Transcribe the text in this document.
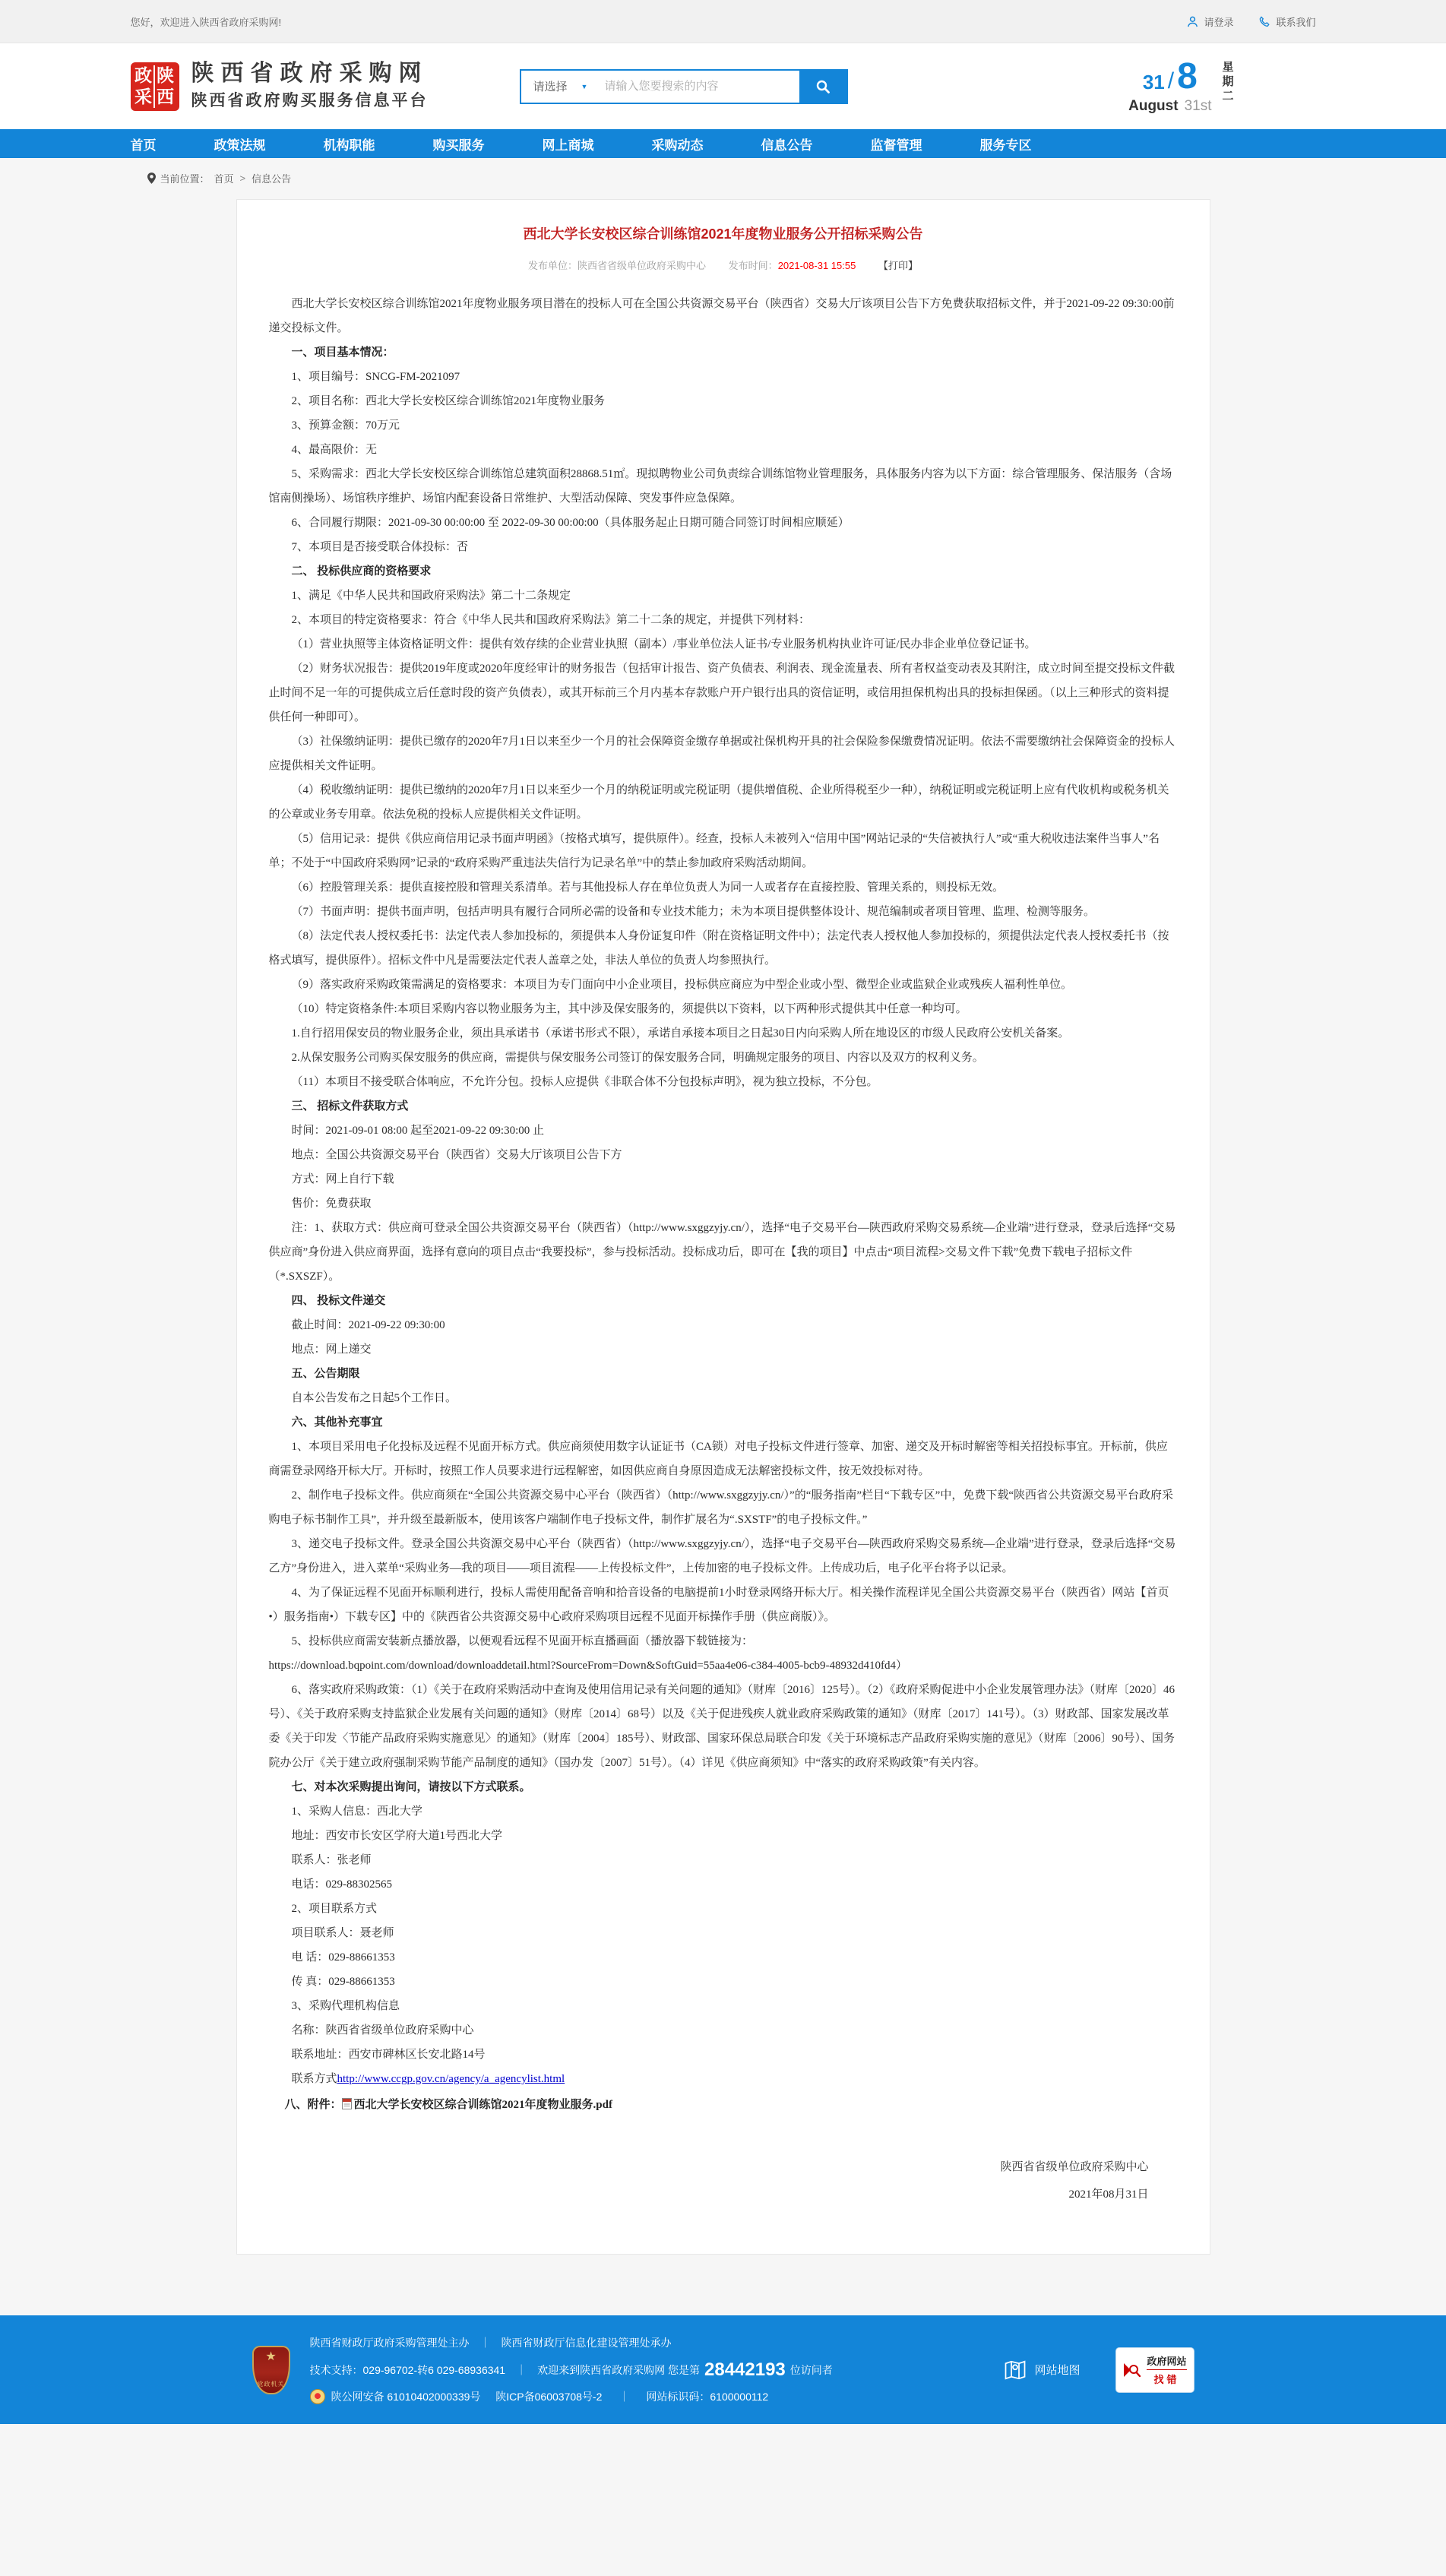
您好，欢迎进入陕西省政府采购网!	请登录	联系我们
政 陕
采 西
陕西省政府采购网
陕西省政府购买服务信息平台
请选择 ▼
请输入您要搜索的内容	31 / 8
August 31st
星
期
二
首页	政策法规	机构职能	购买服务	网上商城	采购动态	信息公告	监督管理	服务专区
当前位置： 首页 > 信息公告
西北大学长安校区综合训练馆2021年度物业服务公开招标采购公告
发布单位：陕西省省级单位政府采购中心 发布时间：2021-08-31 15:55 【打印】
西北大学长安校区综合训练馆2021年度物业服务项目潜在的投标人可在全国公共资源交易平台（陕西省）交易大厅该项目公告下方免费获取招标文件，并于2021-09-22 09:30:00前递交投标文件。
一、项目基本情况：
1、项目编号：SNCG-FM-2021097
2、项目名称：西北大学长安校区综合训练馆2021年度物业服务
3、预算金额：70万元
4、最高限价：无
5、采购需求：西北大学长安校区综合训练馆总建筑面积28868.51㎡。现拟聘物业公司负责综合训练馆物业管理服务，具体服务内容为以下方面：综合管理服务、保洁服务（含场馆南侧操场）、场馆秩序维护、场馆内配套设备日常维护、大型活动保障、突发事件应急保障。
6、合同履行期限：2021-09-30 00:00:00 至 2022-09-30 00:00:00（具体服务起止日期可随合同签订时间相应顺延）
7、本项目是否接受联合体投标：否
二、 投标供应商的资格要求
1、满足《中华人民共和国政府采购法》第二十二条规定
2、本项目的特定资格要求：符合《中华人民共和国政府采购法》第二十二条的规定，并提供下列材料：
（1）营业执照等主体资格证明文件：提供有效存续的企业营业执照（副本）/事业单位法人证书/专业服务机构执业许可证/民办非企业单位登记证书。
（2）财务状况报告：提供2019年度或2020年度经审计的财务报告（包括审计报告、资产负债表、利润表、现金流量表、所有者权益变动表及其附注，成立时间至提交投标文件截止时间不足一年的可提供成立后任意时段的资产负债表），或其开标前三个月内基本存款账户开户银行出具的资信证明，或信用担保机构出具的投标担保函。（以上三种形式的资料提供任何一种即可）。
（3）社保缴纳证明：提供已缴存的2020年7月1日以来至少一个月的社会保障资金缴存单据或社保机构开具的社会保险参保缴费情况证明。依法不需要缴纳社会保障资金的投标人应提供相关文件证明。
（4）税收缴纳证明：提供已缴纳的2020年7月1日以来至少一个月的纳税证明或完税证明（提供增值税、企业所得税至少一种），纳税证明或完税证明上应有代收机构或税务机关的公章或业务专用章。依法免税的投标人应提供相关文件证明。
（5）信用记录：提供《供应商信用记录书面声明函》（按格式填写，提供原件）。经查，投标人未被列入“信用中国”网站记录的“失信被执行人”或“重大税收违法案件当事人”名单；不处于“中国政府采购网”记录的“政府采购严重违法失信行为记录名单”中的禁止参加政府采购活动期间。
（6）控股管理关系：提供直接控股和管理关系清单。若与其他投标人存在单位负责人为同一人或者存在直接控股、管理关系的，则投标无效。
（7）书面声明：提供书面声明，包括声明具有履行合同所必需的设备和专业技术能力；未为本项目提供整体设计、规范编制或者项目管理、监理、检测等服务。
（8）法定代表人授权委托书：法定代表人参加投标的，须提供本人身份证复印件（附在资格证明文件中）；法定代表人授权他人参加投标的，须提供法定代表人授权委托书（按格式填写，提供原件）。招标文件中凡是需要法定代表人盖章之处，非法人单位的负责人均参照执行。
（9）落实政府采购政策需满足的资格要求：本项目为专门面向中小企业项目，投标供应商应为中型企业或小型、微型企业或监狱企业或残疾人福利性单位。
（10）特定资格条件:本项目采购内容以物业服务为主，其中涉及保安服务的，须提供以下资料，以下两种形式提供其中任意一种均可。
1.自行招用保安员的物业服务企业，须出具承诺书（承诺书形式不限），承诺自承接本项目之日起30日内向采购人所在地设区的市级人民政府公安机关备案。
2.从保安服务公司购买保安服务的供应商，需提供与保安服务公司签订的保安服务合同，明确规定服务的项目、内容以及双方的权利义务。
（11）本项目不接受联合体响应，不允许分包。投标人应提供《非联合体不分包投标声明》，视为独立投标，不分包。
三、 招标文件获取方式
时间：2021-09-01 08:00 起至2021-09-22 09:30:00 止
地点：全国公共资源交易平台（陕西省）交易大厅该项目公告下方
方式：网上自行下载
售价：免费获取
注：1、获取方式：供应商可登录全国公共资源交易平台（陕西省）（http://www.sxggzyjy.cn/），选择“电子交易平台—陕西政府采购交易系统—企业端”进行登录，登录后选择“交易供应商”身份进入供应商界面，选择有意向的项目点击“我要投标”，参与投标活动。投标成功后，即可在【我的项目】中点击“项目流程>交易文件下载”免费下载电子招标文件（*.SXSZF）。
四、 投标文件递交
截止时间：2021-09-22 09:30:00
地点：网上递交
五、公告期限
自本公告发布之日起5个工作日。
六、其他补充事宜
1、本项目采用电子化投标及远程不见面开标方式。供应商须使用数字认证证书（CA锁）对电子投标文件进行签章、加密、递交及开标时解密等相关招投标事宜。开标前，供应商需登录网络开标大厅。开标时，按照工作人员要求进行远程解密，如因供应商自身原因造成无法解密投标文件，按无效投标对待。
2、制作电子投标文件。供应商须在“全国公共资源交易中心平台（陕西省）（http://www.sxggzyjy.cn/）”的“服务指南”栏目“下载专区”中，免费下载“陕西省公共资源交易平台政府采购电子标书制作工具”，并升级至最新版本，使用该客户端制作电子投标文件，制作扩展名为“.SXSTF”的电子投标文件。”
3、递交电子投标文件。登录全国公共资源交易中心平台（陕西省）（http://www.sxggzyjy.cn/），选择“电子交易平台—陕西政府采购交易系统—企业端”进行登录，登录后选择“交易乙方”身份进入，进入菜单“采购业务—我的项目——项目流程——上传投标文件”，上传加密的电子投标文件。上传成功后，电子化平台将予以记录。
4、为了保证远程不见面开标顺利进行，投标人需使用配备音响和拾音设备的电脑提前1小时登录网络开标大厅。相关操作流程详见全国公共资源交易平台（陕西省）网站【首页•）服务指南•）下载专区】中的《陕西省公共资源交易中心政府采购项目远程不见面开标操作手册（供应商版）》。
5、投标供应商需安装新点播放器，以便观看远程不见面开标直播画面（播放器下载链接为：
https://download.bqpoint.com/download/downloaddetail.html?SourceFrom=Down&SoftGuid=55aa4e06-c384-4005-bcb9-48932d410fd4）
6、落实政府采购政策：（1）《关于在政府采购活动中查询及使用信用记录有关问题的通知》（财库〔2016〕125号）。（2）《政府采购促进中小企业发展管理办法》（财库〔2020〕46号）、《关于政府采购支持监狱企业发展有关问题的通知》（财库〔2014〕68号）以及《关于促进残疾人就业政府采购政策的通知》（财库〔2017〕141号）。（3）财政部、国家发展改革委《关于印发〈节能产品政府采购实施意见〉的通知》（财库〔2004〕185号）、财政部、国家环保总局联合印发《关于环境标志产品政府采购实施的意见》（财库〔2006〕90号）、国务院办公厅《关于建立政府强制采购节能产品制度的通知》（国办发〔2007〕51号）。（4）详见《供应商须知》中“落实的政府采购政策”有关内容。
七、对本次采购提出询问，请按以下方式联系。
1、采购人信息：西北大学
地址：西安市长安区学府大道1号西北大学
联系人：张老师
电话：029-88302565
2、项目联系方式
项目联系人：聂老师
电 话：029-88661353
传 真：029-88661353
3、采购代理机构信息
名称：陕西省省级单位政府采购中心
联系地址：西安市碑林区长安北路14号
联系方式http://www.ccgp.gov.cn/agency/a_agencylist.html
八、附件： 西北大学长安校区综合训练馆2021年度物业服务.pdf
陕西省省级单位政府采购中心
2021年08月31日
★
党政机关
陕西省财政厅政府采购管理处主办 ｜ 陕西省财政厅信息化建设管理处承办
技术支持：029-96702-转6 029-68936341 ｜ 欢迎来到陕西省政府采购网 您是第 28442193 位访问者
陕公网安备 61010402000339号
陕ICP备06003708号-2 ｜ 网站标识码：6100000112
网站地图
政府网站
找错
